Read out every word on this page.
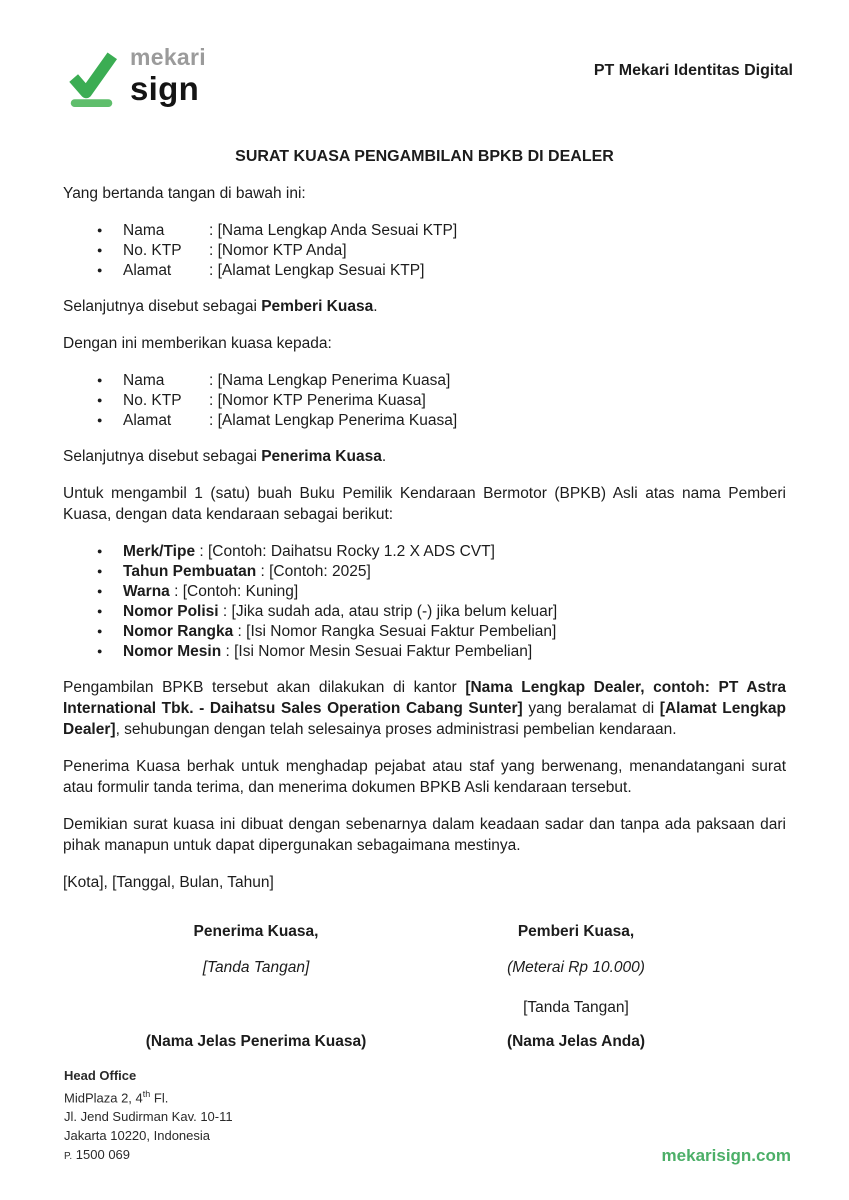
mekari
sign	PT Mekari Identitas Digital
SURAT KUASA PENGAMBILAN BPKB DI DEALER

Yang bertanda tangan di bawah ini:

●	Nama	: [Nama Lengkap Anda Sesuai KTP]
●	No. KTP	: [Nomor KTP Anda]
●	Alamat	: [Alamat Lengkap Sesuai KTP]

Selanjutnya disebut sebagai Pemberi Kuasa.

Dengan ini memberikan kuasa kepada:

●	Nama	: [Nama Lengkap Penerima Kuasa]
●	No. KTP	: [Nomor KTP Penerima Kuasa]
●	Alamat	: [Alamat Lengkap Penerima Kuasa]

Selanjutnya disebut sebagai Penerima Kuasa.

Untuk mengambil 1 (satu) buah Buku Pemilik Kendaraan Bermotor (BPKB) Asli atas nama Pemberi Kuasa, dengan data kendaraan sebagai berikut:

●	Merk/Tipe : [Contoh: Daihatsu Rocky 1.2 X ADS CVT]
●	Tahun Pembuatan : [Contoh: 2025]
●	Warna : [Contoh: Kuning]
●	Nomor Polisi : [Jika sudah ada, atau strip (-) jika belum keluar]
●	Nomor Rangka : [Isi Nomor Rangka Sesuai Faktur Pembelian]
●	Nomor Mesin : [Isi Nomor Mesin Sesuai Faktur Pembelian]

Pengambilan BPKB tersebut akan dilakukan di kantor [Nama Lengkap Dealer, contoh: PT Astra International Tbk. - Daihatsu Sales Operation Cabang Sunter] yang beralamat di [Alamat Lengkap Dealer], sehubungan dengan telah selesainya proses administrasi pembelian kendaraan.

Penerima Kuasa berhak untuk menghadap pejabat atau staf yang berwenang, menandatangani surat atau formulir tanda terima, dan menerima dokumen BPKB Asli kendaraan tersebut.

Demikian surat kuasa ini dibuat dengan sebenarnya dalam keadaan sadar dan tanpa ada paksaan dari pihak manapun untuk dapat dipergunakan sebagaimana mestinya.

[Kota], [Tanggal, Bulan, Tahun]

Penerima Kuasa,
[Tanda Tangan]
(Nama Jelas Penerima Kuasa)
Pemberi Kuasa,
(Meterai Rp 10.000)
[Tanda Tangan]
(Nama Jelas Anda)
Head Office
MidPlaza 2, 4th Fl.
Jl. Jend Sudirman Kav. 10-11
Jakarta 10220, Indonesia
P. 1500 069	mekarisign.com
